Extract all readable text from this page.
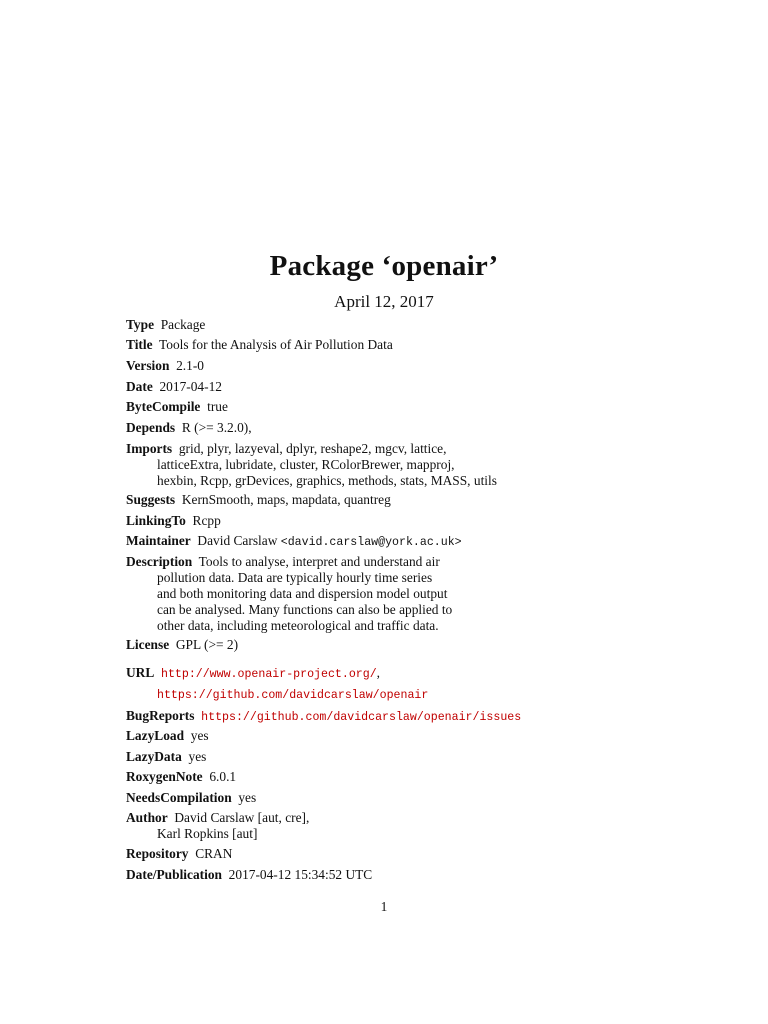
Package ‘openair’
April 12, 2017
Type Package
Title Tools for the Analysis of Air Pollution Data
Version 2.1-0
Date 2017-04-12
ByteCompile true
Depends R (>= 3.2.0),
Imports grid, plyr, lazyeval, dplyr, reshape2, mgcv, lattice,
latticeExtra, lubridate, cluster, RColorBrewer, mapproj,
hexbin, Rcpp, grDevices, graphics, methods, stats, MASS, utils
Suggests KernSmooth, maps, mapdata, quantreg
LinkingTo Rcpp
Maintainer David Carslaw <david.carslaw@york.ac.uk>
Description Tools to analyse, interpret and understand air
pollution data. Data are typically hourly time series
and both monitoring data and dispersion model output
can be analysed. Many functions can also be applied to
other data, including meteorological and traffic data.
License GPL (>= 2)
URL http://www.openair-project.org/,
https://github.com/davidcarslaw/openair
BugReports https://github.com/davidcarslaw/openair/issues
LazyLoad yes
LazyData yes
RoxygenNote 6.0.1
NeedsCompilation yes
Author David Carslaw [aut, cre],
Karl Ropkins [aut]
Repository CRAN
Date/Publication 2017-04-12 15:34:52 UTC
1
